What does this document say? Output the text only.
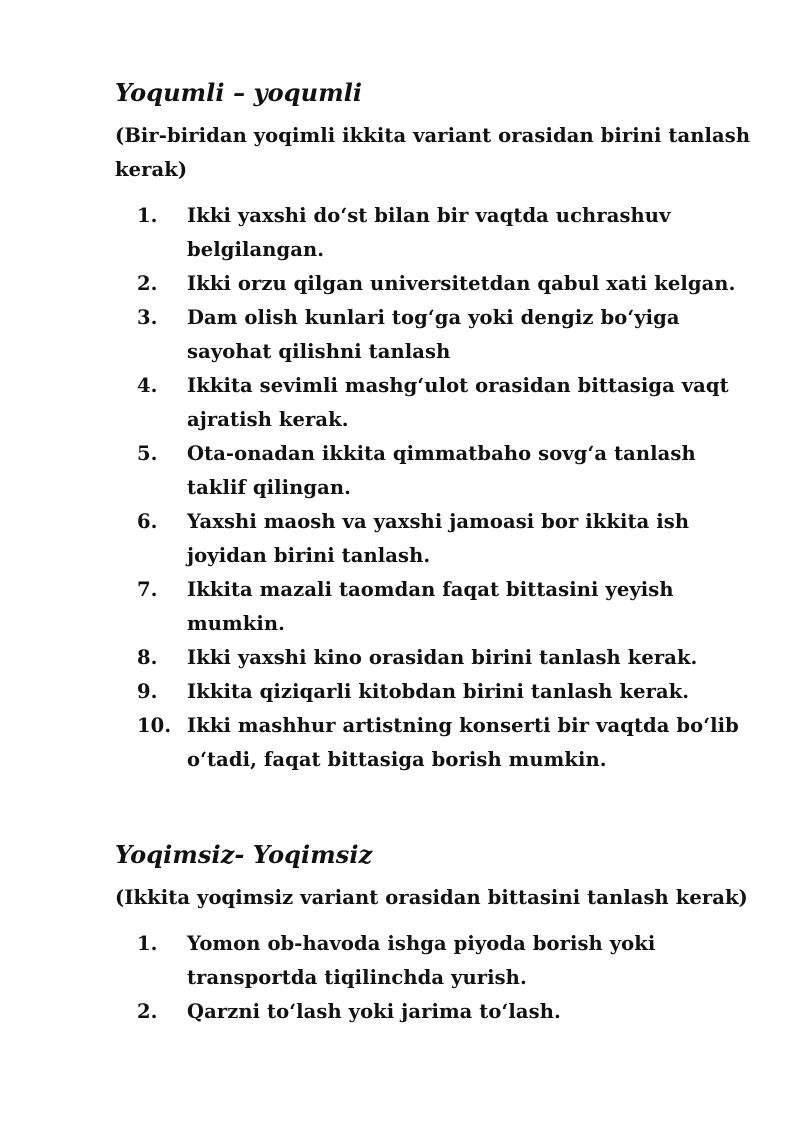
Yoqumli – yoqumli

(Bir-biridan yoqimli ikkita variant orasidan birini tanlash kerak)

1. Ikki yaxshi do‘st bilan bir vaqtda uchrashuv belgilangan.
2. Ikki orzu qilgan universitetdan qabul xati kelgan.
3. Dam olish kunlari tog‘ga yoki dengiz bo‘yiga sayohat qilishni tanlash
4. Ikkita sevimli mashg‘ulot orasidan bittasiga vaqt ajratish kerak.
5. Ota-onadan ikkita qimmatbaho sovg‘a tanlash taklif qilingan.
6. Yaxshi maosh va yaxshi jamoasi bor ikkita ish joyidan birini tanlash.
7. Ikkita mazali taomdan faqat bittasini yeyish mumkin.
8. Ikki yaxshi kino orasidan birini tanlash kerak.
9. Ikkita qiziqarli kitobdan birini tanlash kerak.
10. Ikki mashhur artistning konserti bir vaqtda bo‘lib o‘tadi, faqat bittasiga borish mumkin.
Yoqimsiz- Yoqimsiz

(Ikkita yoqimsiz variant orasidan bittasini tanlash kerak)

1. Yomon ob-havoda ishga piyoda borish yoki transportda tiqilinchda yurish.
2. Qarzni to‘lash yoki jarima to‘lash.
